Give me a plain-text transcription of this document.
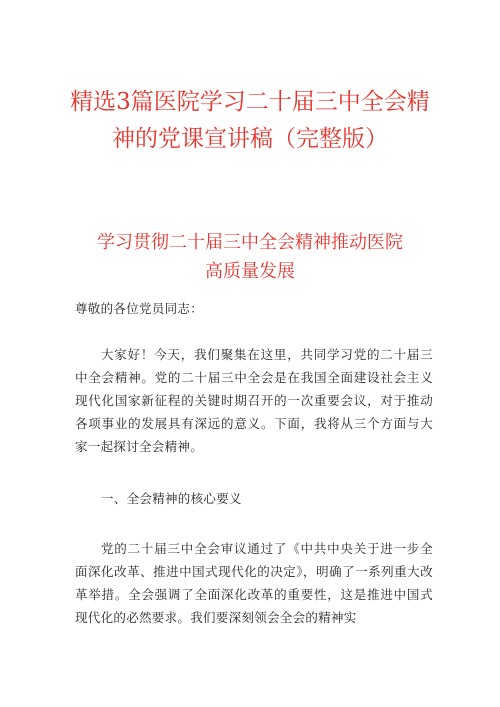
精选3篇医院学习二十届三中全会精
神的党课宣讲稿（完整版）
学习贯彻二十届三中全会精神推动医院
高质量发展

尊敬的各位党员同志：

大家好！今天，我们聚集在这里，共同学习党的二十届三中全会精神。党的二十届三中全会是在我国全面建设社会主义现代化国家新征程的关键时期召开的一次重要会议，对于推动各项事业的发展具有深远的意义。下面，我将从三个方面与大家一起探讨全会精神。

一、全会精神的核心要义

党的二十届三中全会审议通过了《中共中央关于进一步全面深化改革、推进中国式现代化的决定》，明确了一系列重大改革举措。全会强调了全面深化改革的重要性，这是推进中国式现代化的必然要求。我们要深刻领会全会的精神实
